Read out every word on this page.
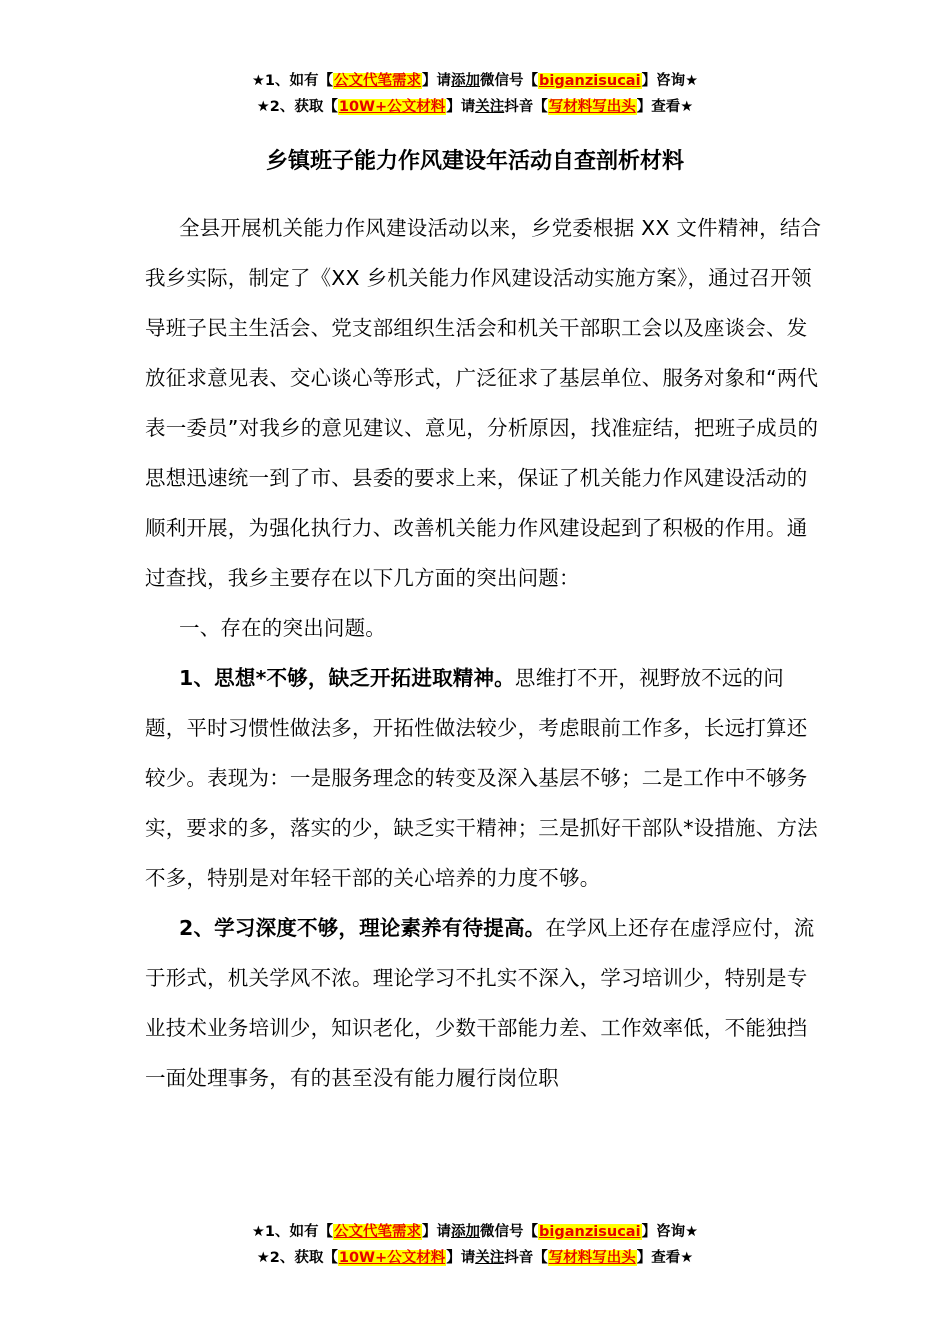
★1、如有【公文代笔需求】请添加微信号【biganzisucai】咨询★
★2、获取【10W+公文材料】请关注抖音【写材料写出头】查看★
乡镇班子能力作风建设年活动自查剖析材料

全县开展机关能力作风建设活动以来，乡党委根据 XX 文件精神，结合我乡实际，制定了《XX 乡机关能力作风建设活动实施方案》，通过召开领导班子民主生活会、党支部组织生活会和机关干部职工会以及座谈会、发放征求意见表、交心谈心等形式，广泛征求了基层单位、服务对象和“两代表一委员”对我乡的意见建议、意见，分析原因，找准症结，把班子成员的思想迅速统一到了市、县委的要求上来，保证了机关能力作风建设活动的顺利开展，为强化执行力、改善机关能力作风建设起到了积极的作用。通过查找，我乡主要存在以下几方面的突出问题：

一、存在的突出问题。

1、思想*不够，缺乏开拓进取精神。思维打不开，视野放不远的问题，平时习惯性做法多，开拓性做法较少，考虑眼前工作多，长远打算还较少。表现为：一是服务理念的转变及深入基层不够；二是工作中不够务实，要求的多，落实的少，缺乏实干精神；三是抓好干部队*设措施、方法不多，特别是对年轻干部的关心培养的力度不够。

2、学习深度不够，理论素养有待提高。在学风上还存在虚浮应付，流于形式，机关学风不浓。理论学习不扎实不深入，学习培训少，特别是专业技术业务培训少，知识老化，少数干部能力差、工作效率低，不能独挡一面处理事务，有的甚至没有能力履行岗位职

★1、如有【公文代笔需求】请添加微信号【biganzisucai】咨询★
★2、获取【10W+公文材料】请关注抖音【写材料写出头】查看★
